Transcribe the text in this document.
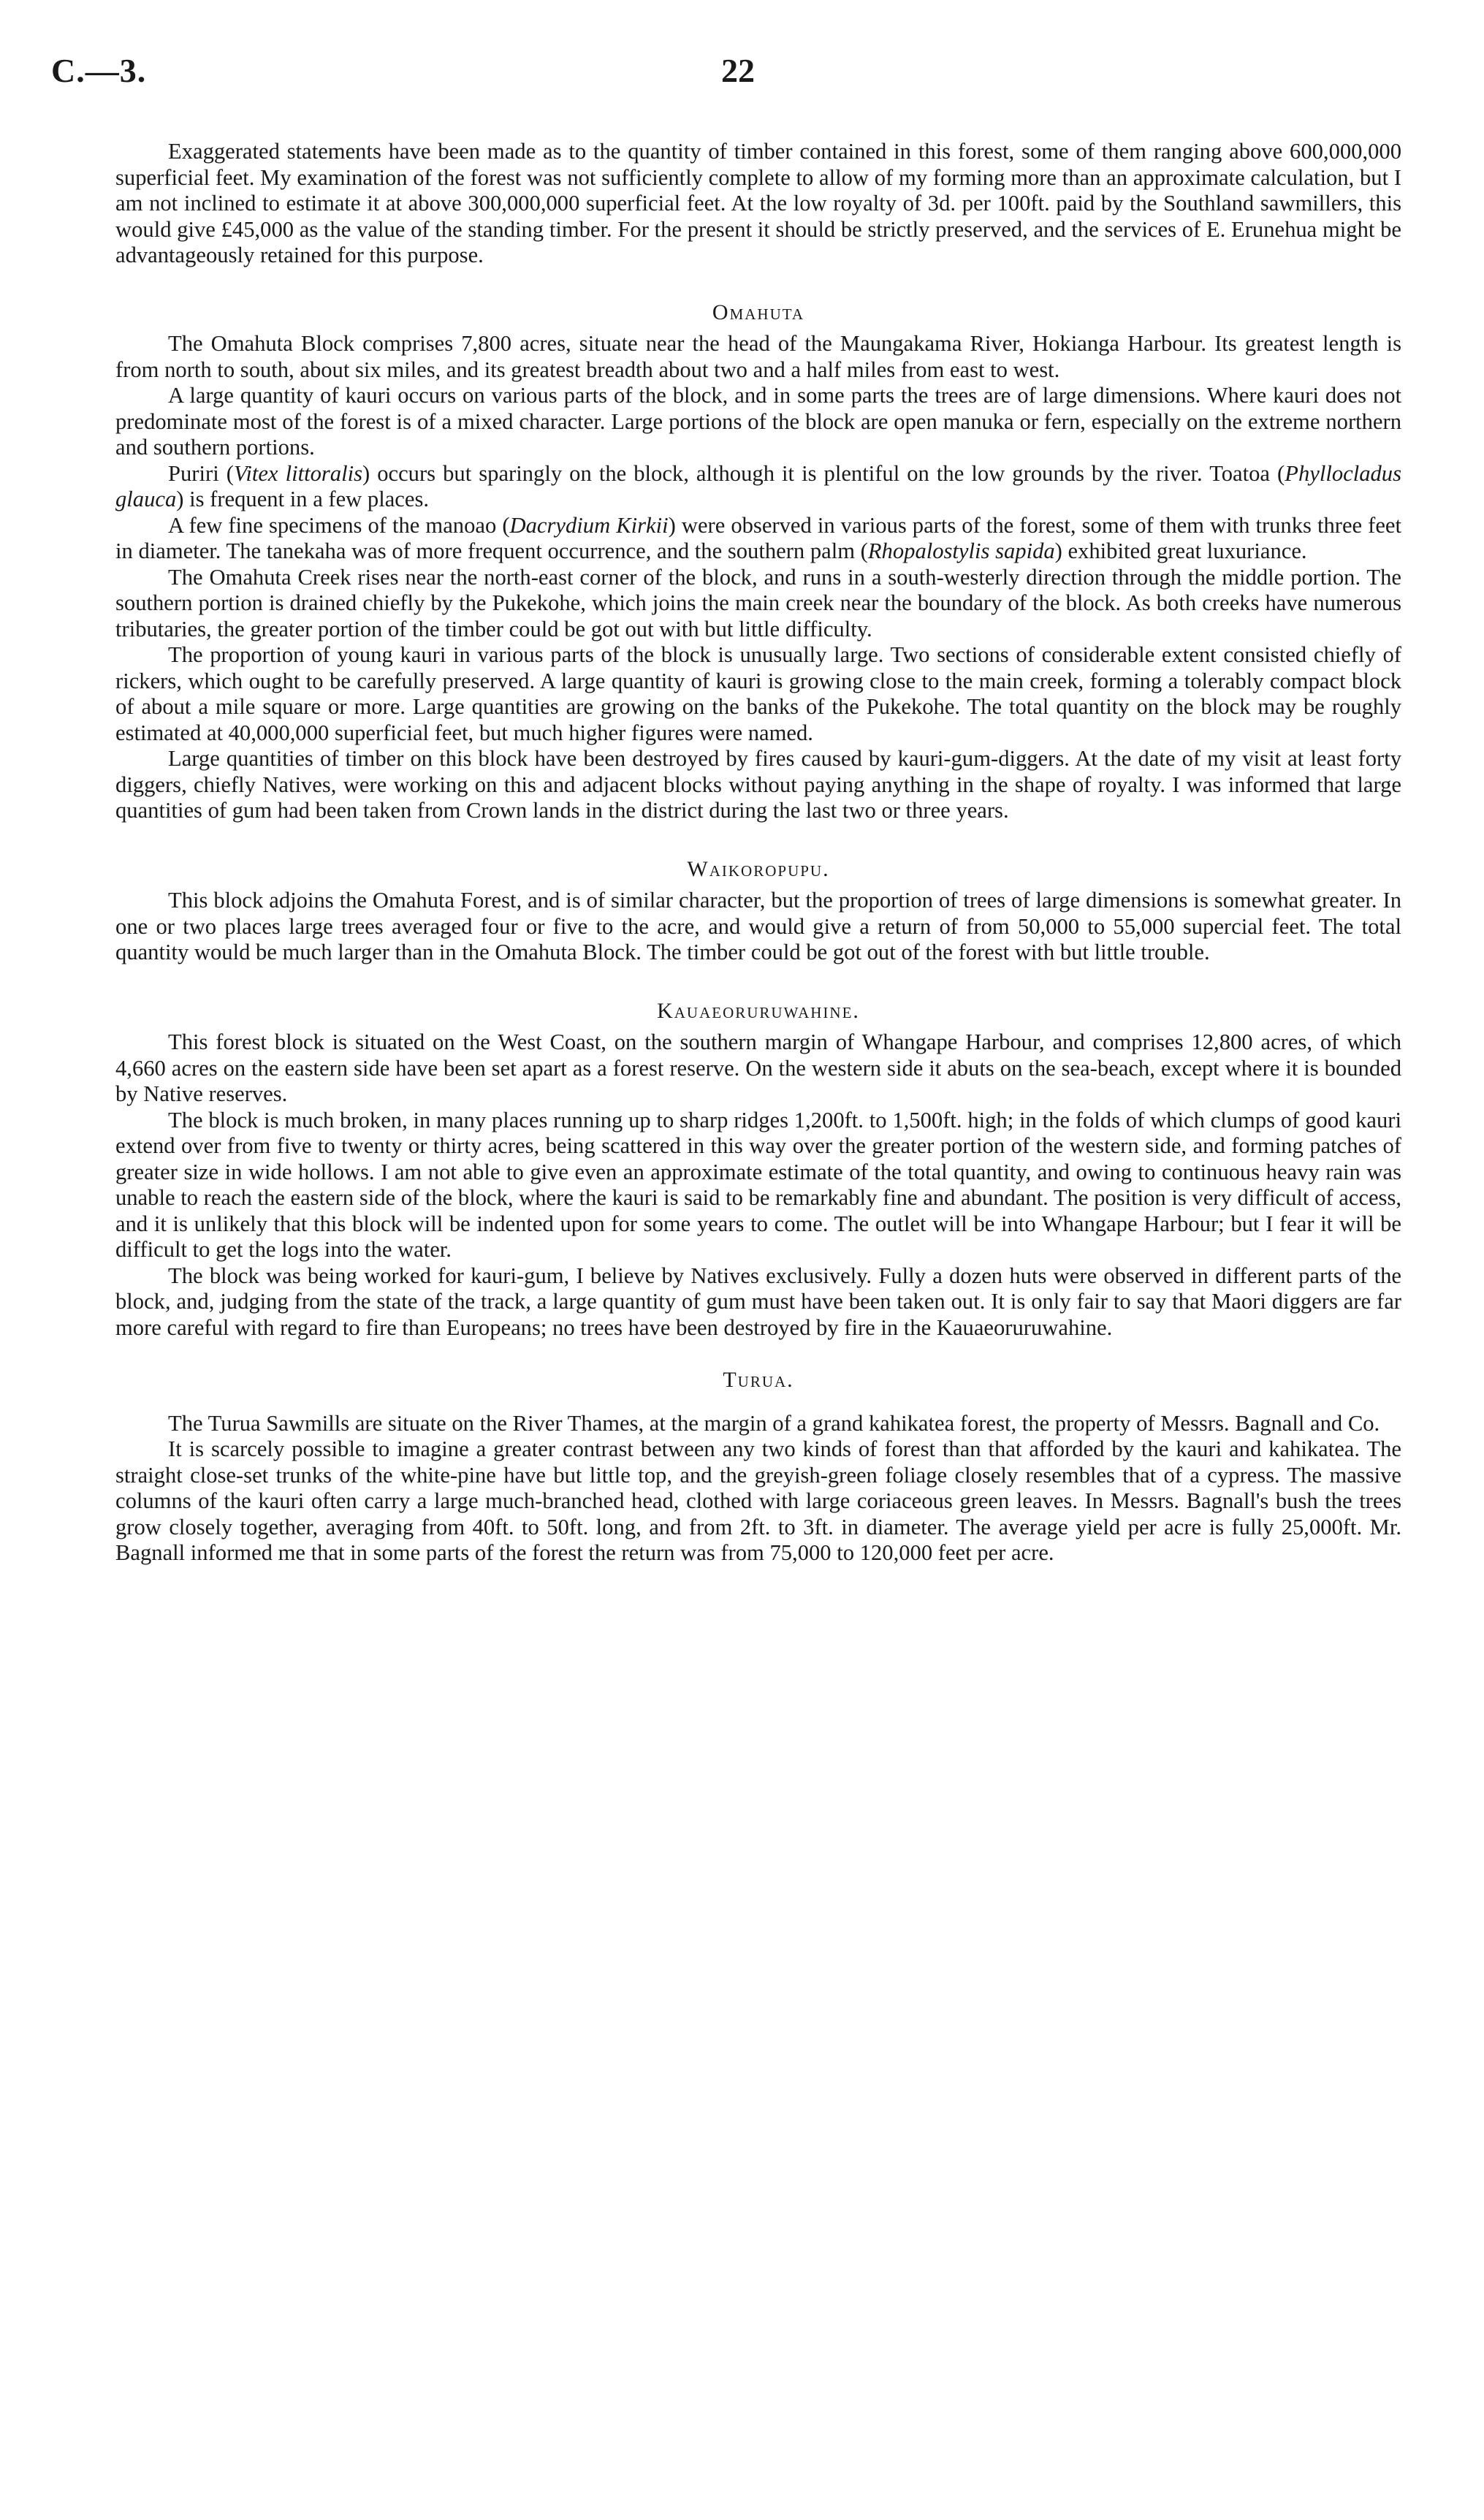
C.—3.	22

Exaggerated statements have been made as to the quantity of timber contained in this forest, some of them ranging above 600,000,000 superficial feet. My examination of the forest was not sufficiently complete to allow of my forming more than an approximate calculation, but I am not inclined to estimate it at above 300,000,000 superficial feet. At the low royalty of 3d. per 100ft. paid by the Southland sawmillers, this would give £45,000 as the value of the standing timber. For the present it should be strictly preserved, and the services of E. Erunehua might be advantageously retained for this purpose.

Omahuta

The Omahuta Block comprises 7,800 acres, situate near the head of the Maungakama River, Hokianga Harbour. Its greatest length is from north to south, about six miles, and its greatest breadth about two and a half miles from east to west.

A large quantity of kauri occurs on various parts of the block, and in some parts the trees are of large dimensions. Where kauri does not predominate most of the forest is of a mixed character. Large portions of the block are open manuka or fern, especially on the extreme northern and southern portions.

Puriri (Vitex littoralis) occurs but sparingly on the block, although it is plentiful on the low grounds by the river. Toatoa (Phyllocladus glauca) is frequent in a few places.

A few fine specimens of the manoao (Dacrydium Kirkii) were observed in various parts of the forest, some of them with trunks three feet in diameter. The tanekaha was of more frequent occurrence, and the southern palm (Rhopalostylis sapida) exhibited great luxuriance.

The Omahuta Creek rises near the north-east corner of the block, and runs in a south-westerly direction through the middle portion. The southern portion is drained chiefly by the Pukekohe, which joins the main creek near the boundary of the block. As both creeks have numerous tributaries, the greater portion of the timber could be got out with but little difficulty.

The proportion of young kauri in various parts of the block is unusually large. Two sections of considerable extent consisted chiefly of rickers, which ought to be carefully preserved. A large quantity of kauri is growing close to the main creek, forming a tolerably compact block of about a mile square or more. Large quantities are growing on the banks of the Pukekohe. The total quantity on the block may be roughly estimated at 40,000,000 superficial feet, but much higher figures were named.

Large quantities of timber on this block have been destroyed by fires caused by kauri-gum-diggers. At the date of my visit at least forty diggers, chiefly Natives, were working on this and adjacent blocks without paying anything in the shape of royalty. I was informed that large quantities of gum had been taken from Crown lands in the district during the last two or three years.

Waikoropupu.

This block adjoins the Omahuta Forest, and is of similar character, but the proportion of trees of large dimensions is somewhat greater. In one or two places large trees averaged four or five to the acre, and would give a return of from 50,000 to 55,000 supercial feet. The total quantity would be much larger than in the Omahuta Block. The timber could be got out of the forest with but little trouble.

Kauaeoruruwahine.

This forest block is situated on the West Coast, on the southern margin of Whangape Harbour, and comprises 12,800 acres, of which 4,660 acres on the eastern side have been set apart as a forest reserve. On the western side it abuts on the sea-beach, except where it is bounded by Native reserves.

The block is much broken, in many places running up to sharp ridges 1,200ft. to 1,500ft. high; in the folds of which clumps of good kauri extend over from five to twenty or thirty acres, being scattered in this way over the greater portion of the western side, and forming patches of greater size in wide hollows. I am not able to give even an approximate estimate of the total quantity, and owing to continuous heavy rain was unable to reach the eastern side of the block, where the kauri is said to be remarkably fine and abundant. The position is very difficult of access, and it is unlikely that this block will be indented upon for some years to come. The outlet will be into Whangape Harbour; but I fear it will be difficult to get the logs into the water.

The block was being worked for kauri-gum, I believe by Natives exclusively. Fully a dozen huts were observed in different parts of the block, and, judging from the state of the track, a large quantity of gum must have been taken out. It is only fair to say that Maori diggers are far more careful with regard to fire than Europeans; no trees have been destroyed by fire in the Kauaeoruruwahine.

Turua.

The Turua Sawmills are situate on the River Thames, at the margin of a grand kahikatea forest, the property of Messrs. Bagnall and Co.

It is scarcely possible to imagine a greater contrast between any two kinds of forest than that afforded by the kauri and kahikatea. The straight close-set trunks of the white-pine have but little top, and the greyish-green foliage closely resembles that of a cypress. The massive columns of the kauri often carry a large much-branched head, clothed with large coriaceous green leaves. In Messrs. Bagnall's bush the trees grow closely together, averaging from 40ft. to 50ft. long, and from 2ft. to 3ft. in diameter. The average yield per acre is fully 25,000ft. Mr. Bagnall informed me that in some parts of the forest the return was from 75,000 to 120,000 feet per acre.
